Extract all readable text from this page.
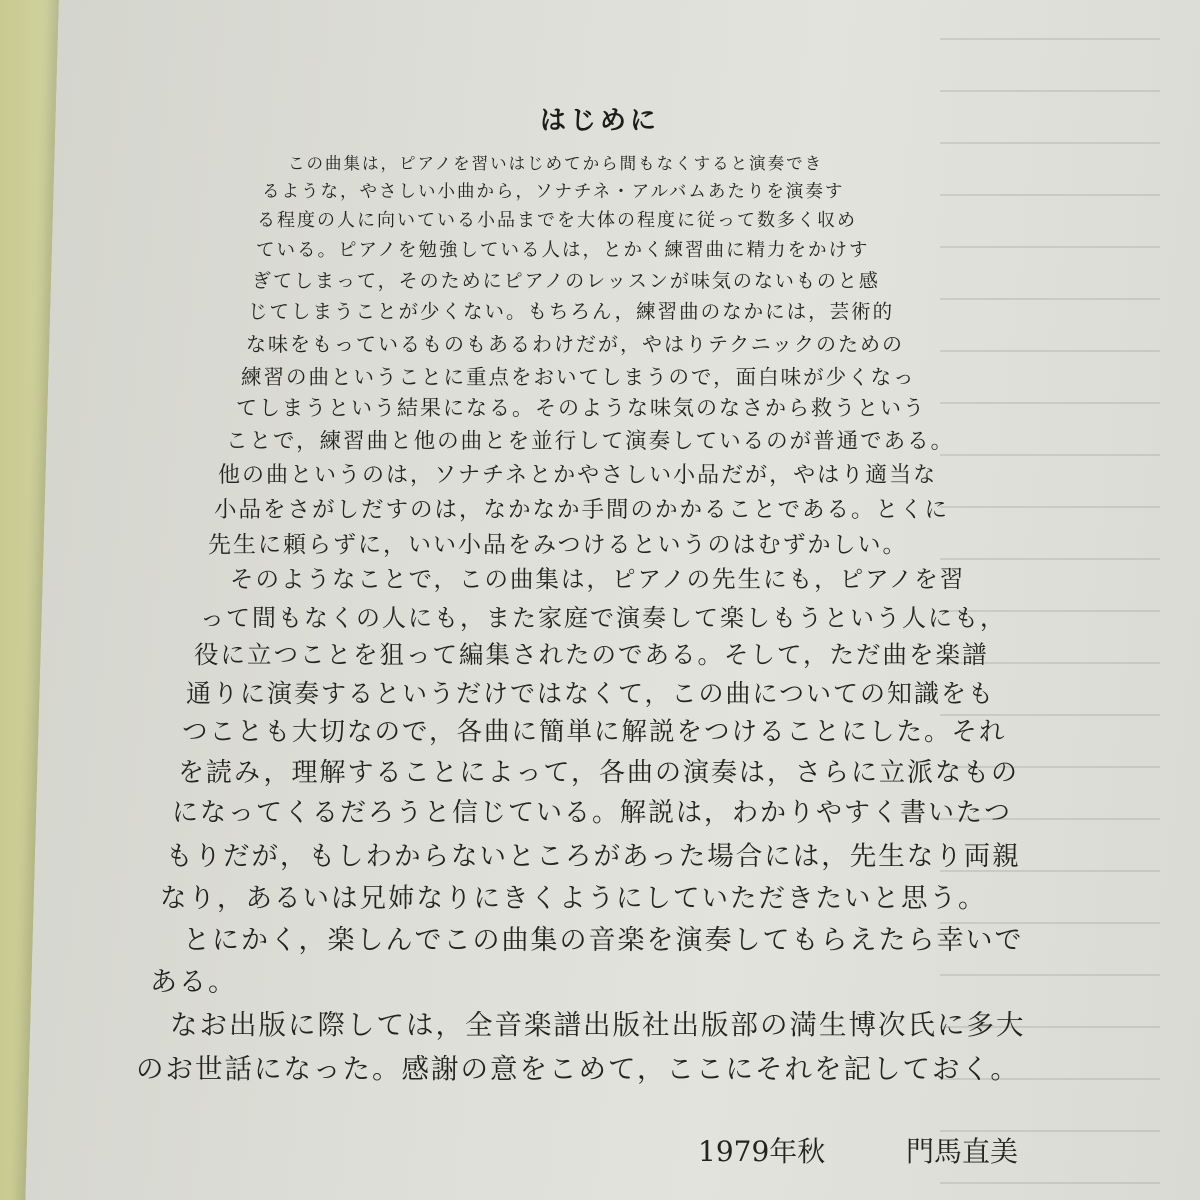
はじめに
この曲集は，ピアノを習いはじめてから間もなくすると演奏でき
るような，やさしい小曲から，ソナチネ・アルバムあたりを演奏す
る程度の人に向いている小品までを大体の程度に従って数多く収め
ている。ピアノを勉強している人は，とかく練習曲に精力をかけす
ぎてしまって，そのためにピアノのレッスンが味気のないものと感
じてしまうことが少くない。もちろん，練習曲のなかには，芸術的
な味をもっているものもあるわけだが，やはりテクニックのための
練習の曲ということに重点をおいてしまうので，面白味が少くなっ
てしまうという結果になる。そのような味気のなさから救うという
ことで，練習曲と他の曲とを並行して演奏しているのが普通である。
他の曲というのは，ソナチネとかやさしい小品だが，やはり適当な
小品をさがしだすのは，なかなか手間のかかることである。とくに
先生に頼らずに，いい小品をみつけるというのはむずかしい。
そのようなことで，この曲集は，ピアノの先生にも，ピアノを習
って間もなくの人にも，また家庭で演奏して楽しもうという人にも，
役に立つことを狙って編集されたのである。そして，ただ曲を楽譜
通りに演奏するというだけではなくて，この曲についての知識をも
つことも大切なので，各曲に簡単に解説をつけることにした。それ
を読み，理解することによって，各曲の演奏は，さらに立派なもの
になってくるだろうと信じている。解説は，わかりやすく書いたつ
もりだが，もしわからないところがあった場合には，先生なり両親
なり，あるいは兄姉なりにきくようにしていただきたいと思う。
とにかく，楽しんでこの曲集の音楽を演奏してもらえたら幸いで
ある。
なお出版に際しては，全音楽譜出版社出版部の満生博次氏に多大
のお世話になった。感謝の意をこめて，ここにそれを記しておく。
1979年秋	門馬直美
